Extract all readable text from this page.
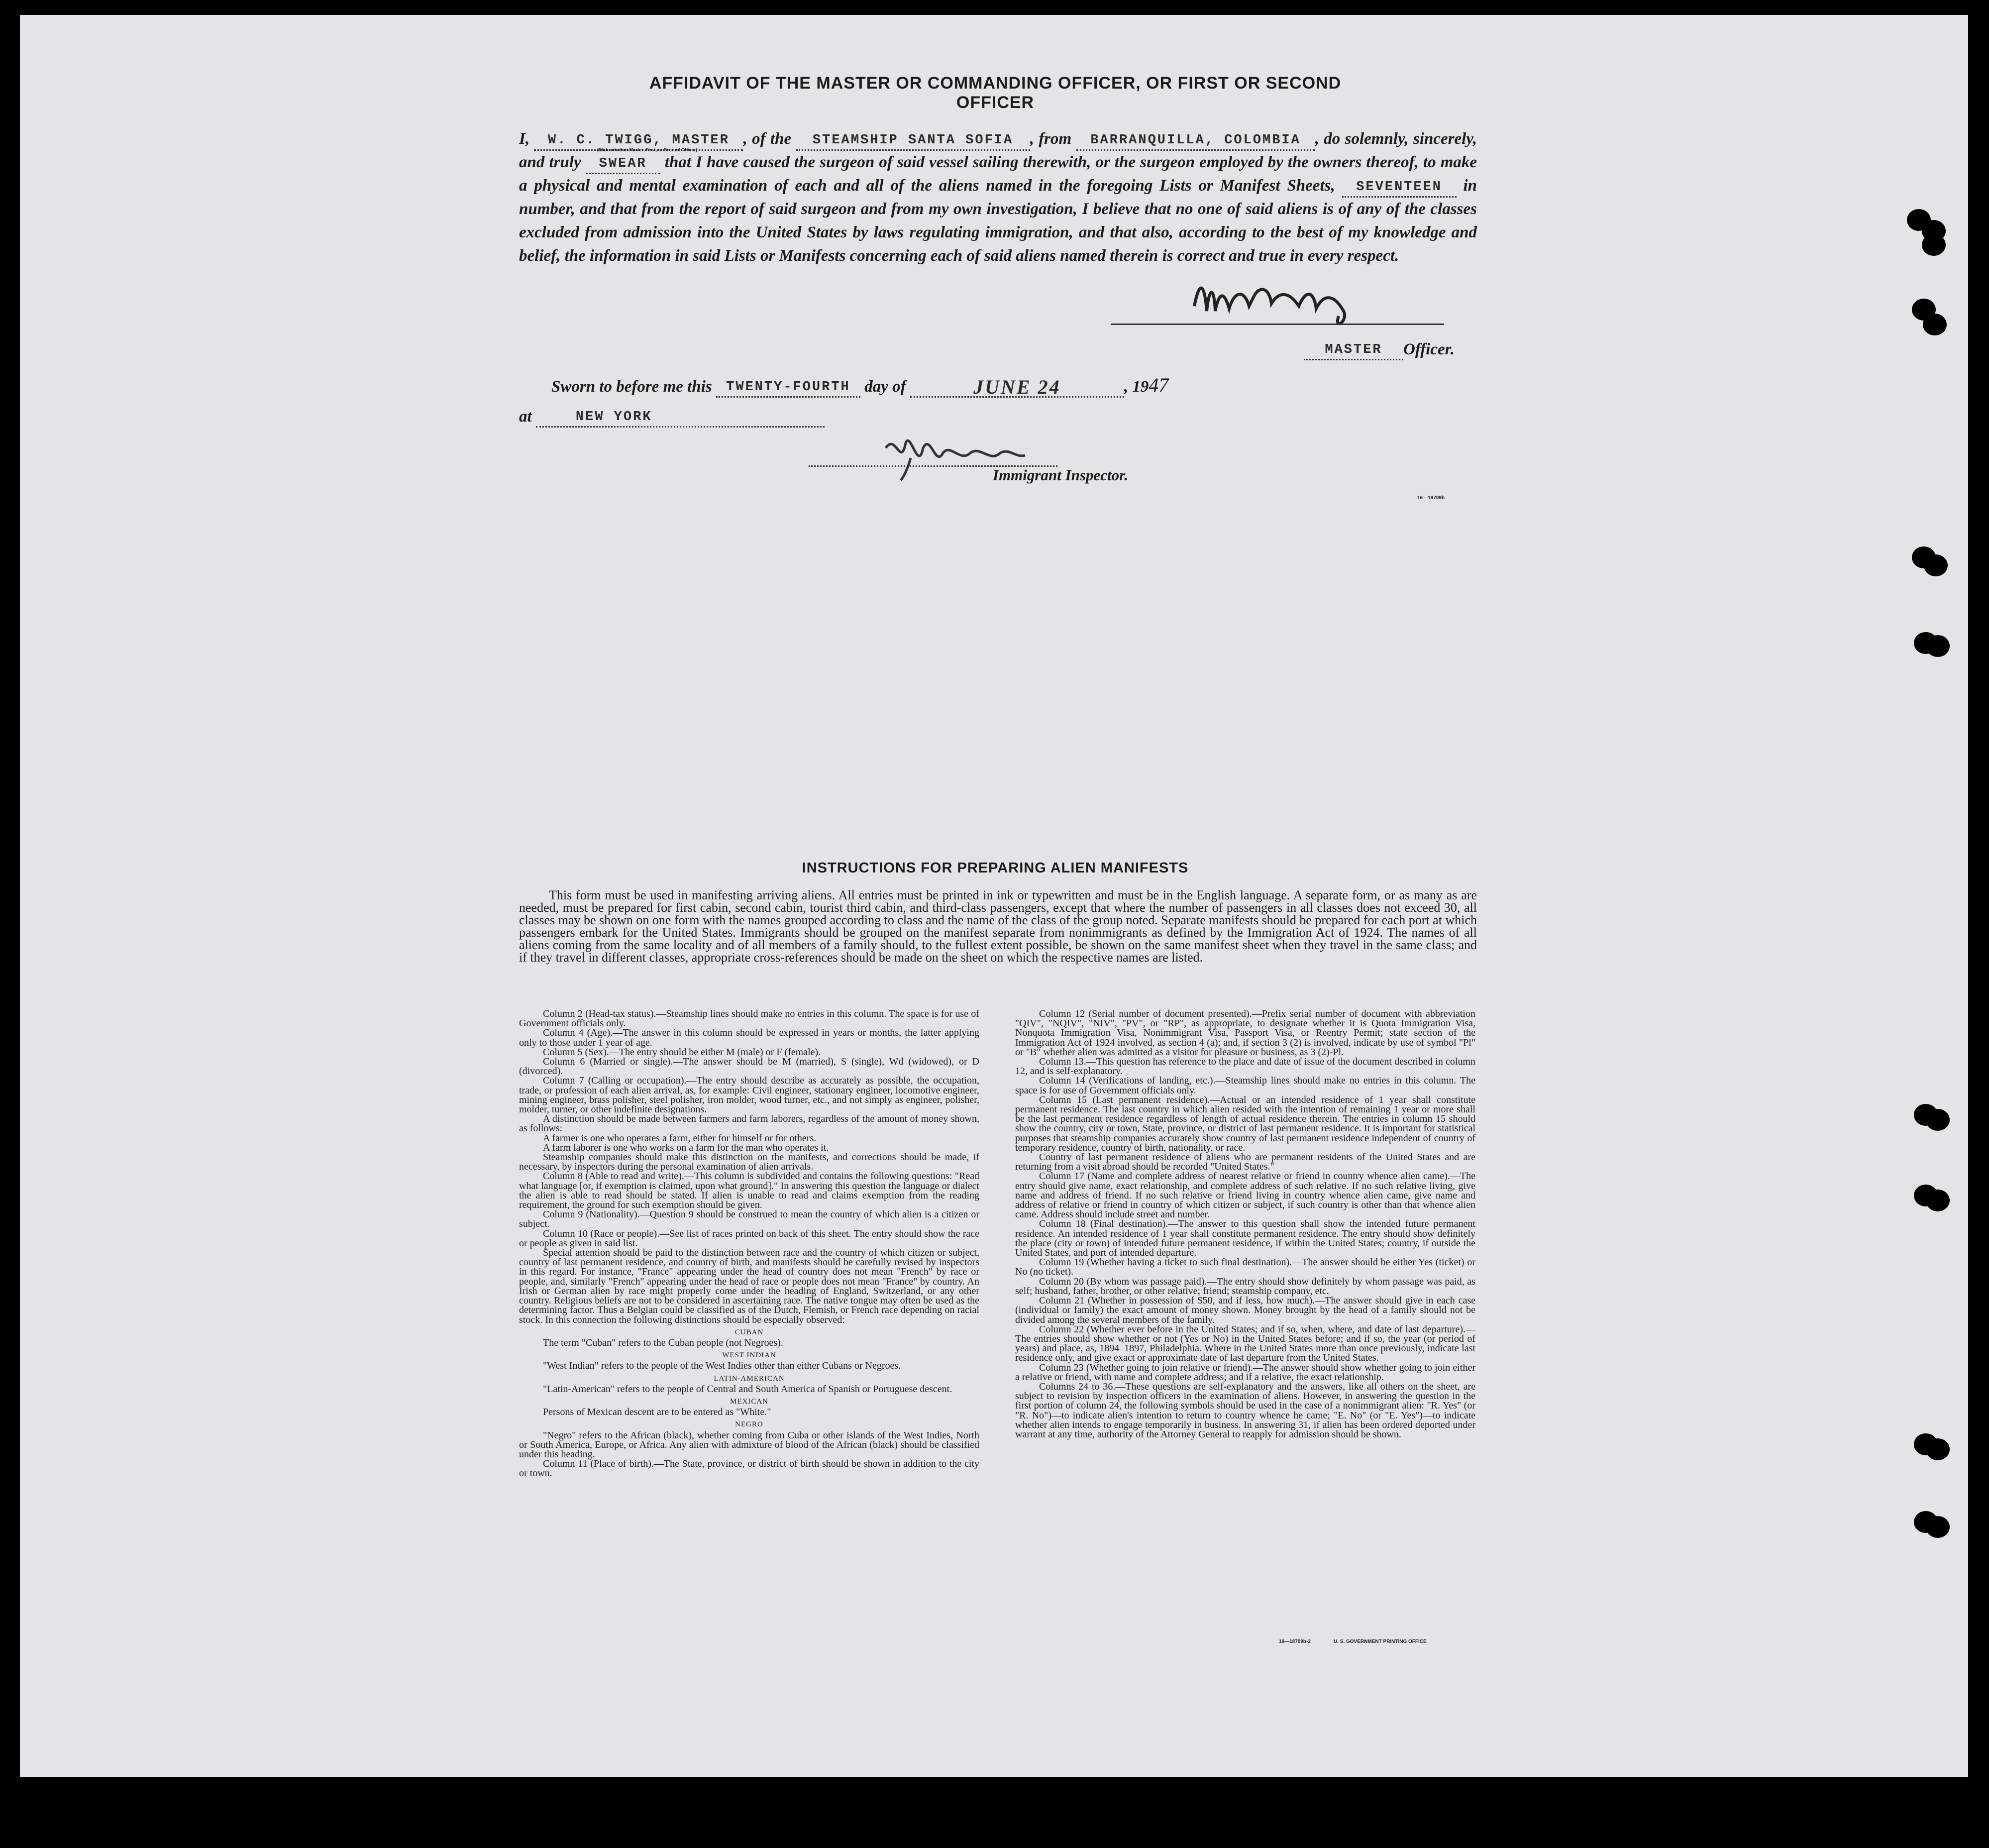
AFFIDAVIT OF THE MASTER OR COMMANDING OFFICER, OR FIRST OR SECOND OFFICER
I, W. C. TWIGG, MASTER , of the STEAMSHIP SANTA SOFIA , from BARRANQUILLA, COLOMBIA , do solemnly, sincerely, and truly SWEAR that I have caused the surgeon of said vessel sailing therewith, or the surgeon employed by the owners thereof, to make a physical and mental examination of each and all of the aliens named in the foregoing Lists or Manifest Sheets, SEVENTEEN in number, and that from the report of said surgeon and from my own investigation, I believe that no one of said aliens is of any of the classes excluded from admission into the United States by laws regulating immigration, and that also, according to the best of my knowledge and belief, the information in said Lists or Manifests concerning each of said aliens named therein is correct and true in every respect.
(State whether Master, First, or Second Officer)
MASTER Officer.
Sworn to before me this TWENTY-FOURTH day of	JUNE 24	, 1947
at	NEW YORK
Immigrant Inspector.
16—18709b
INSTRUCTIONS FOR PREPARING ALIEN MANIFESTS
This form must be used in manifesting arriving aliens. All entries must be printed in ink or typewritten and must be in the English language. A separate form, or as many as are needed, must be prepared for first cabin, second cabin, tourist third cabin, and third-class passengers, except that where the number of passengers in all classes does not exceed 30, all classes may be shown on one form with the names grouped according to class and the name of the class of the group noted. Separate manifests should be prepared for each port at which passengers embark for the United States. Immigrants should be grouped on the manifest separate from nonimmigrants as defined by the Immigration Act of 1924. The names of all aliens coming from the same locality and of all members of a family should, to the fullest extent possible, be shown on the same manifest sheet when they travel in the same class; and if they travel in different classes, appropriate cross-references should be made on the sheet on which the respective names are listed.

Column 2 (Head-tax status).—Steamship lines should make no entries in this column. The space is for use of Government officials only.

Column 4 (Age).—The answer in this column should be expressed in years or months, the latter applying only to those under 1 year of age.

Column 5 (Sex).—The entry should be either M (male) or F (female).

Column 6 (Married or single).—The answer should be M (married), S (single), Wd (widowed), or D (divorced).

Column 7 (Calling or occupation).—The entry should describe as accurately as possible, the occupation, trade, or profession of each alien arrival, as, for example: Civil engineer, stationary engineer, locomotive engineer, mining engineer, brass polisher, steel polisher, iron molder, wood turner, etc., and not simply as engineer, polisher, molder, turner, or other indefinite designations.

A distinction should be made between farmers and farm laborers, regardless of the amount of money shown, as follows:

A farmer is one who operates a farm, either for himself or for others.

A farm laborer is one who works on a farm for the man who operates it.

Steamship companies should make this distinction on the manifests, and corrections should be made, if necessary, by inspectors during the personal examination of alien arrivals.

Column 8 (Able to read and write).—This column is subdivided and contains the following questions: "Read what language [or, if exemption is claimed, upon what ground]." In answering this question the language or dialect the alien is able to read should be stated. If alien is unable to read and claims exemption from the reading requirement, the ground for such exemption should be given.

Column 9 (Nationality).—Question 9 should be construed to mean the country of which alien is a citizen or subject.

Column 10 (Race or people).—See list of races printed on back of this sheet. The entry should show the race or people as given in said list.

Special attention should be paid to the distinction between race and the country of which citizen or subject, country of last permanent residence, and country of birth, and manifests should be carefully revised by inspectors in this regard. For instance, "France" appearing under the head of country does not mean "French" by race or people, and, similarly "French" appearing under the head of race or people does not mean "France" by country. An Irish or German alien by race might properly come under the heading of England, Switzerland, or any other country. Religious beliefs are not to be considered in ascertaining race. The native tongue may often be used as the determining factor. Thus a Belgian could be classified as of the Dutch, Flemish, or French race depending on racial stock. In this connection the following distinctions should be especially observed:

CUBAN

The term "Cuban" refers to the Cuban people (not Negroes).

WEST INDIAN

"West Indian" refers to the people of the West Indies other than either Cubans or Negroes.

LATIN-AMERICAN

"Latin-American" refers to the people of Central and South America of Spanish or Portuguese descent.

MEXICAN

Persons of Mexican descent are to be entered as "White."

NEGRO

"Negro" refers to the African (black), whether coming from Cuba or other islands of the West Indies, North or South America, Europe, or Africa. Any alien with admixture of blood of the African (black) should be classified under this heading.

Column 11 (Place of birth).—The State, province, or district of birth should be shown in addition to the city or town.

Column 12 (Serial number of document presented).—Prefix serial number of document with abbreviation "QIV", "NQIV", "NIV", "PV", or "RP", as appropriate, to designate whether it is Quota Immigration Visa, Nonquota Immigration Visa, Nonimmigrant Visa, Passport Visa, or Reentry Permit; state section of the Immigration Act of 1924 involved, as section 4 (a); and, if section 3 (2) is involved, indicate by use of symbol "Pl" or "B" whether alien was admitted as a visitor for pleasure or business, as 3 (2)-Pl.

Column 13.—This question has reference to the place and date of issue of the document described in column 12, and is self-explanatory.

Column 14 (Verifications of landing, etc.).—Steamship lines should make no entries in this column. The space is for use of Government officials only.

Column 15 (Last permanent residence).—Actual or an intended residence of 1 year shall constitute permanent residence. The last country in which alien resided with the intention of remaining 1 year or more shall be the last permanent residence regardless of length of actual residence therein. The entries in column 15 should show the country, city or town, State, province, or district of last permanent residence. It is important for statistical purposes that steamship companies accurately show country of last permanent residence independent of country of temporary residence, country of birth, nationality, or race.

Country of last permanent residence of aliens who are permanent residents of the United States and are returning from a visit abroad should be recorded "United States."

Column 17 (Name and complete address of nearest relative or friend in country whence alien came).—The entry should give name, exact relationship, and complete address of such relative. If no such relative living, give name and address of friend. If no such relative or friend living in country whence alien came, give name and address of relative or friend in country of which citizen or subject, if such country is other than that whence alien came. Address should include street and number.

Column 18 (Final destination).—The answer to this question shall show the intended future permanent residence. An intended residence of 1 year shall constitute permanent residence. The entry should show definitely the place (city or town) of intended future permanent residence, if within the United States; country, if outside the United States, and port of intended departure.

Column 19 (Whether having a ticket to such final destination).—The answer should be either Yes (ticket) or No (no ticket).

Column 20 (By whom was passage paid).—The entry should show definitely by whom passage was paid, as self; husband, father, brother, or other relative; friend; steamship company, etc.

Column 21 (Whether in possession of $50, and if less, how much).—The answer should give in each case (individual or family) the exact amount of money shown. Money brought by the head of a family should not be divided among the several members of the family.

Column 22 (Whether ever before in the United States; and if so, when, where, and date of last departure).—The entries should show whether or not (Yes or No) in the United States before; and if so, the year (or period of years) and place, as, 1894–1897, Philadelphia. Where in the United States more than once previously, indicate last residence only, and give exact or approximate date of last departure from the United States.

Column 23 (Whether going to join relative or friend).—The answer should show whether going to join either a relative or friend, with name and complete address; and if a relative, the exact relationship.

Columns 24 to 36.—These questions are self-explanatory and the answers, like all others on the sheet, are subject to revision by inspection officers in the examination of aliens. However, in answering the question in the first portion of column 24, the following symbols should be used in the case of a nonimmigrant alien: "R. Yes" (or "R. No")—to indicate alien's intention to return to country whence he came; "E. No" (or "E. Yes")—to indicate whether alien intends to engage temporarily in business. In answering 31, if alien has been ordered deported under warrant at any time, authority of the Attorney General to reapply for admission should be shown.

16—18709b-2	U. S. GOVERNMENT PRINTING OFFICE
